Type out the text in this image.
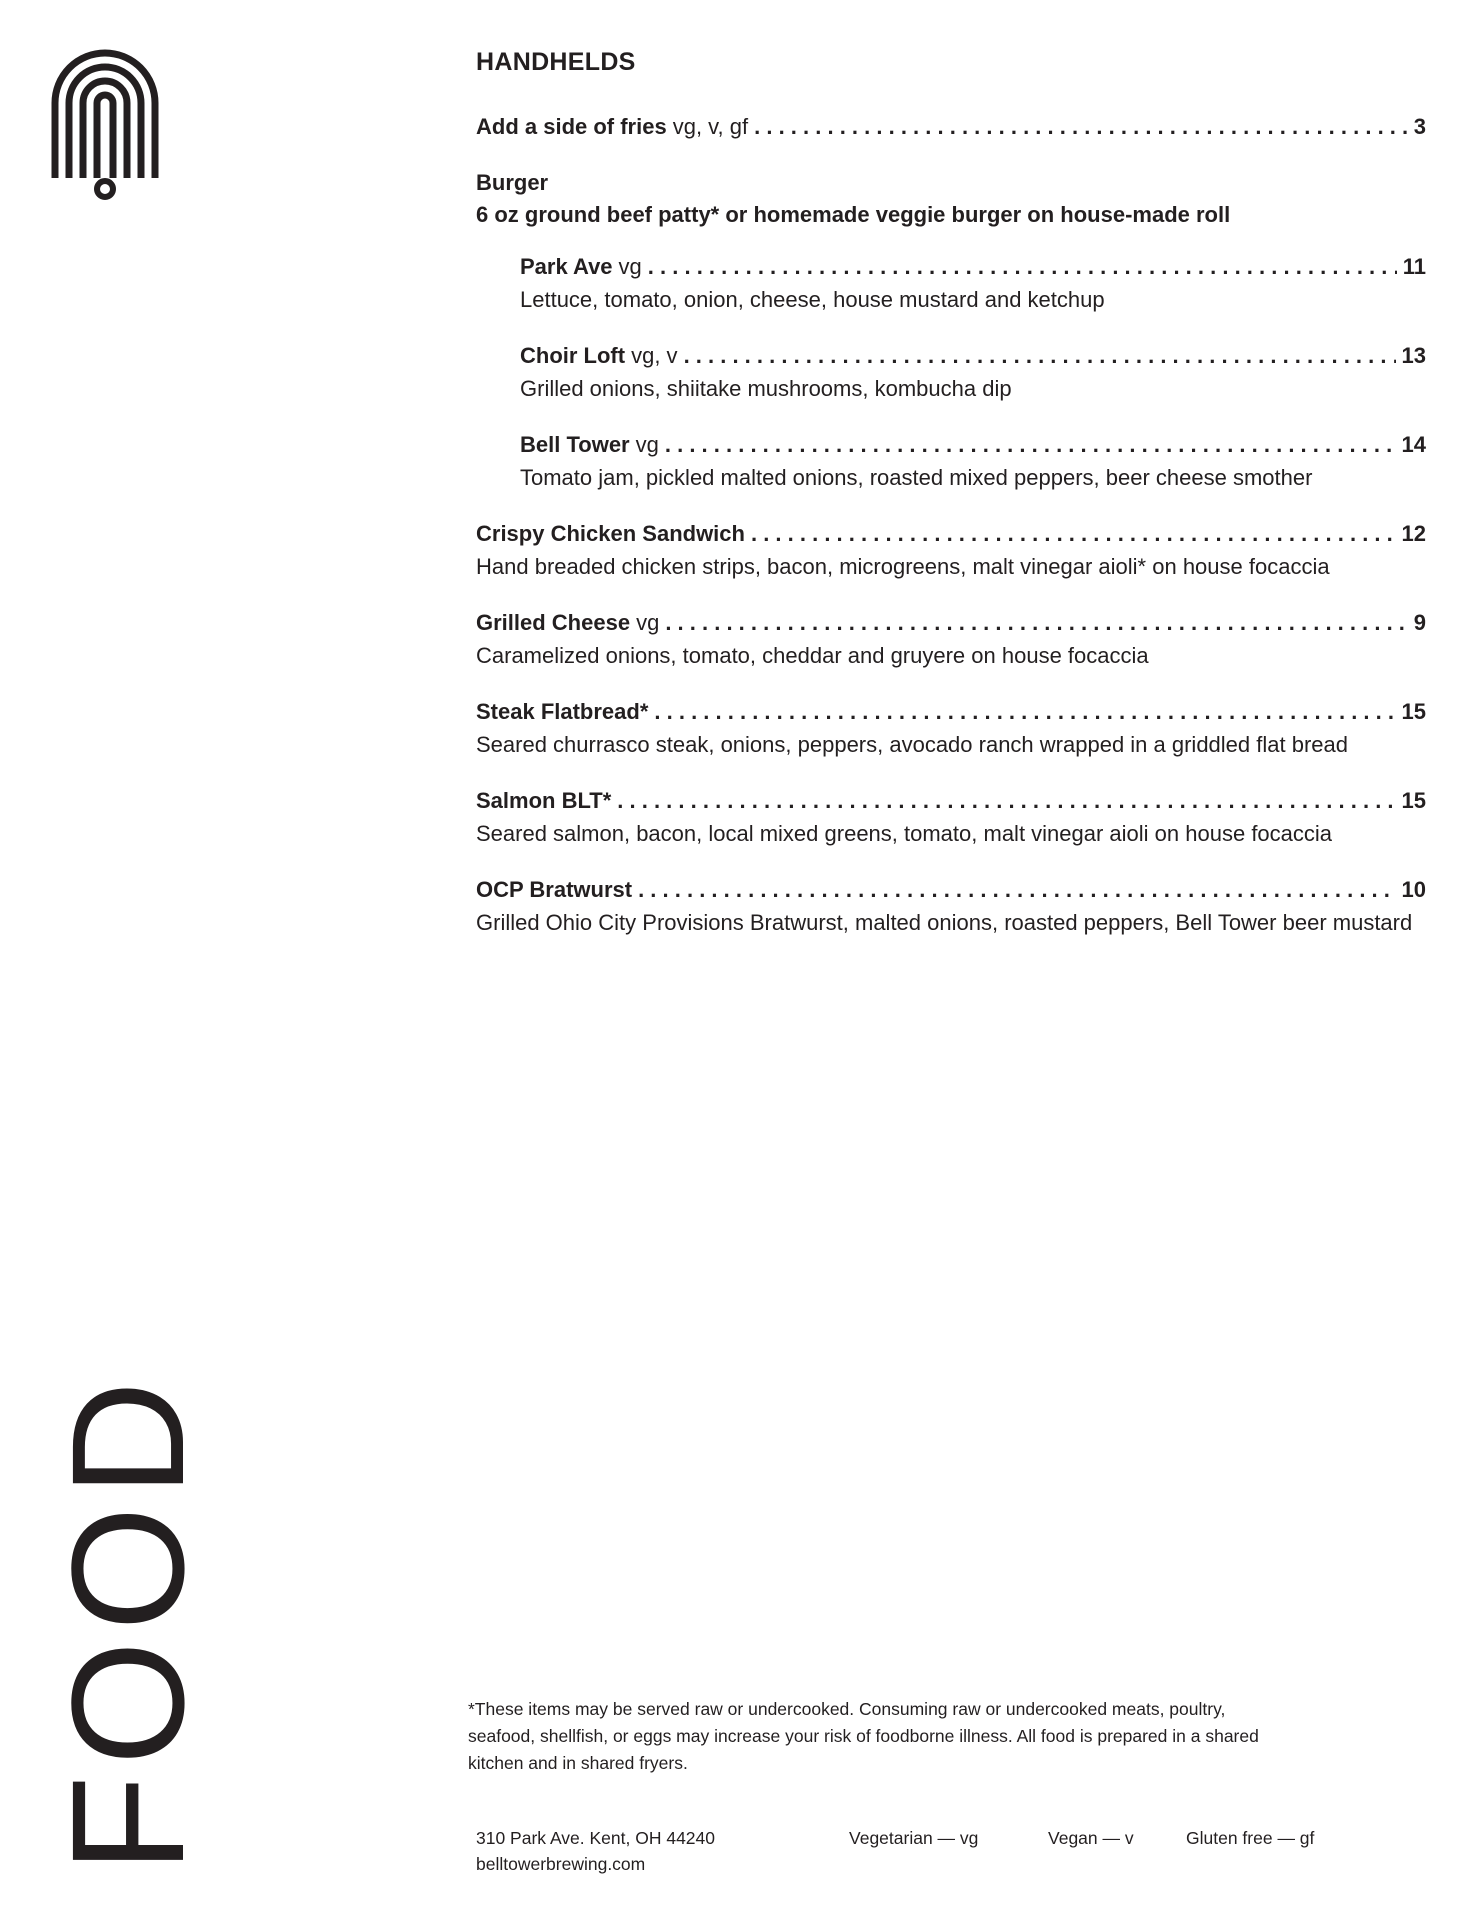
FOOD
HANDHELDS
Add a side of fries vg, v, gf . . .	3
Burger
6 oz ground beef patty* or homemade veggie burger on house-made roll
Park Ave vg . . .	11
Lettuce, tomato, onion, cheese, house mustard and ketchup
Choir Loft vg, v . . .	13
Grilled onions, shiitake mushrooms, kombucha dip
Bell Tower vg . . .	14
Tomato jam, pickled malted onions, roasted mixed peppers, beer cheese smother
Crispy Chicken Sandwich . . .	12
Hand breaded chicken strips, bacon, microgreens, malt vinegar aioli* on house focaccia
Grilled Cheese vg . . .	9
Caramelized onions, tomato, cheddar and gruyere on house focaccia
Steak Flatbread* . . .	15
Seared churrasco steak, onions, peppers, avocado ranch wrapped in a griddled flat bread
Salmon BLT* . . .	15
Seared salmon, bacon, local mixed greens, tomato, malt vinegar aioli on house focaccia
OCP Bratwurst . . .	10
Grilled Ohio City Provisions Bratwurst, malted onions, roasted peppers, Bell Tower beer mustard
*These items may be served raw or undercooked. Consuming raw or undercooked meats, poultry, seafood, shellfish, or eggs may increase your risk of foodborne illness. All food is prepared in a shared kitchen and in shared fryers.
310 Park Ave. Kent, OH 44240
belltowerbrewing.com
Vegetarian — vg	Vegan — v	Gluten free — gf
